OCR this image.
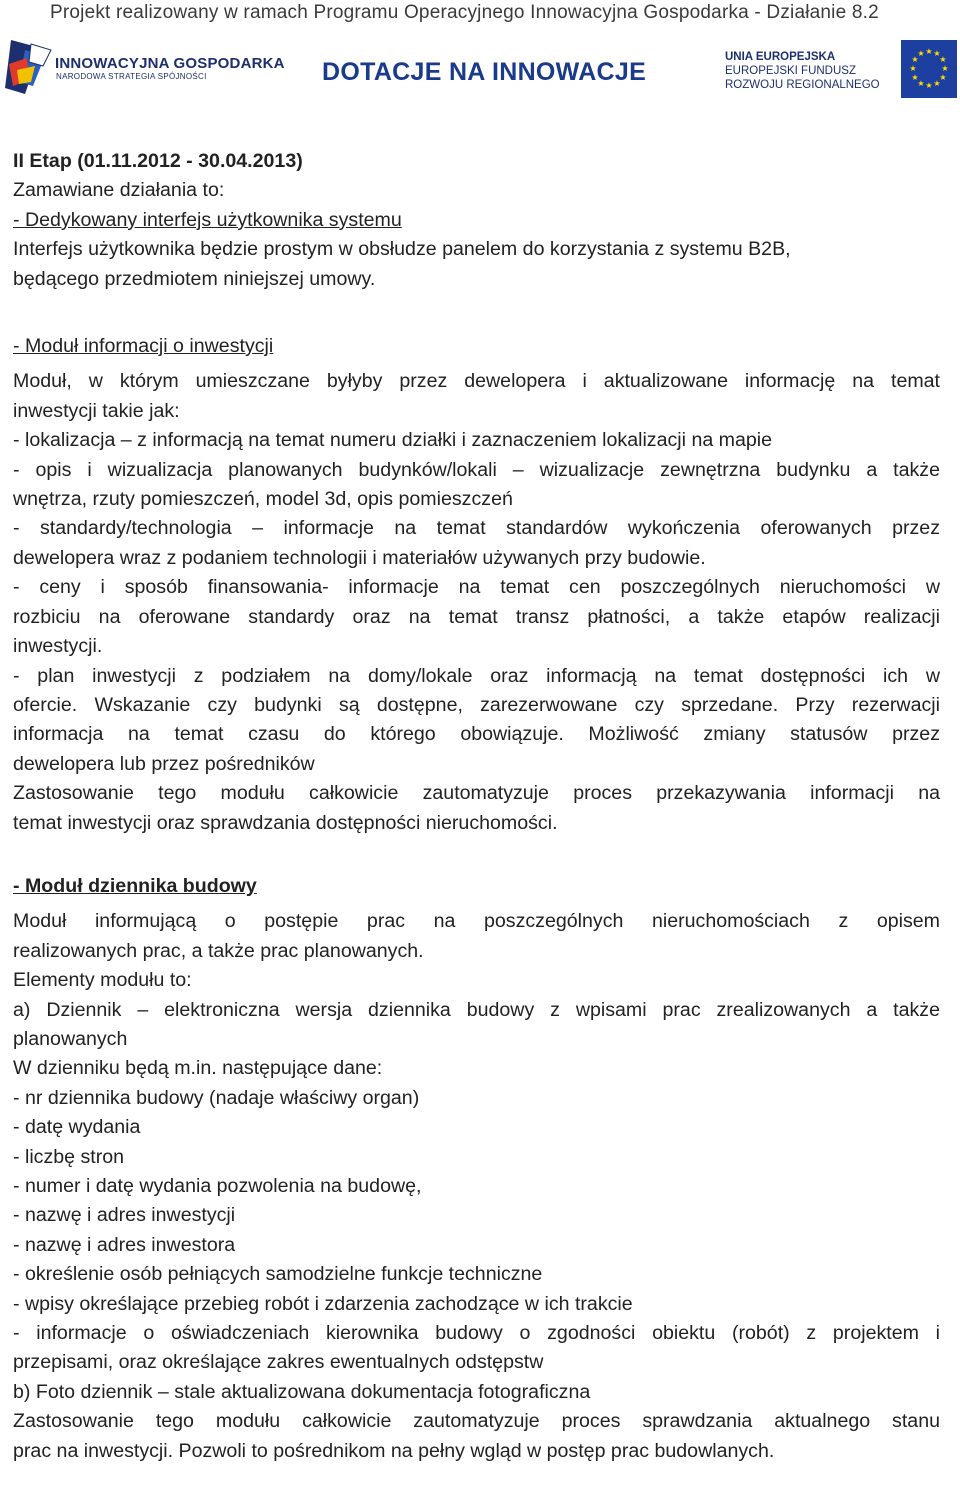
Projekt realizowany w ramach Programu Operacyjnego Innowacyjna Gospodarka - Działanie 8.2
INNOWACYJNA GOSPODARKA
NARODOWA STRATEGIA SPÓJNOŚCI	DOTACJE NA INNOWACJE
UNIA EUROPEJSKA
EUROPEJSKI FUNDUSZ
ROZWOJU REGIONALNEGO
★ ★
★
★
★
★
★
★
★
★
★
★

II Etap (01.11.2012 - 30.04.2013)

Zamawiane działania to:

- Dedykowany interfejs użytkownika systemu

Interfejs użytkownika będzie prostym w obsłudze panelem do korzystania z systemu B2B,

będącego przedmiotem niniejszej umowy.

- Moduł informacji o inwestycji

Moduł, w którym umieszczane byłyby przez dewelopera i aktualizowane informację na temat

inwestycji takie jak:

- lokalizacja – z informacją na temat numeru działki i zaznaczeniem lokalizacji na mapie

- opis i wizualizacja planowanych budynków/lokali – wizualizacje zewnętrzna budynku a także

wnętrza, rzuty pomieszczeń, model 3d, opis pomieszczeń

- standardy/technologia – informacje na temat standardów wykończenia oferowanych przez

dewelopera wraz z podaniem technologii i materiałów używanych przy budowie.

- ceny i sposób finansowania- informacje na temat cen poszczególnych nieruchomości w

rozbiciu na oferowane standardy oraz na temat transz płatności, a także etapów realizacji

inwestycji.

- plan inwestycji z podziałem na domy/lokale oraz informacją na temat dostępności ich w

ofercie. Wskazanie czy budynki są dostępne, zarezerwowane czy sprzedane. Przy rezerwacji

informacja na temat czasu do którego obowiązuje. Możliwość zmiany statusów przez

dewelopera lub przez pośredników

Zastosowanie tego modułu całkowicie zautomatyzuje proces przekazywania informacji na

temat inwestycji oraz sprawdzania dostępności nieruchomości.

- Moduł dziennika budowy

Moduł informującą o postępie prac na poszczególnych nieruchomościach z opisem

realizowanych prac, a także prac planowanych.

Elementy modułu to:

a) Dziennik – elektroniczna wersja dziennika budowy z wpisami prac zrealizowanych a także

planowanych

W dzienniku będą m.in. następujące dane:

- nr dziennika budowy (nadaje właściwy organ)

- datę wydania

- liczbę stron

- numer i datę wydania pozwolenia na budowę,

- nazwę i adres inwestycji

- nazwę i adres inwestora

- określenie osób pełniących samodzielne funkcje techniczne

- wpisy określające przebieg robót i zdarzenia zachodzące w ich trakcie

- informacje o oświadczeniach kierownika budowy o zgodności obiektu (robót) z projektem i

przepisami, oraz określające zakres ewentualnych odstępstw

b) Foto dziennik – stale aktualizowana dokumentacja fotograficzna

Zastosowanie tego modułu całkowicie zautomatyzuje proces sprawdzania aktualnego stanu

prac na inwestycji. Pozwoli to pośrednikom na pełny wgląd w postęp prac budowlanych.
